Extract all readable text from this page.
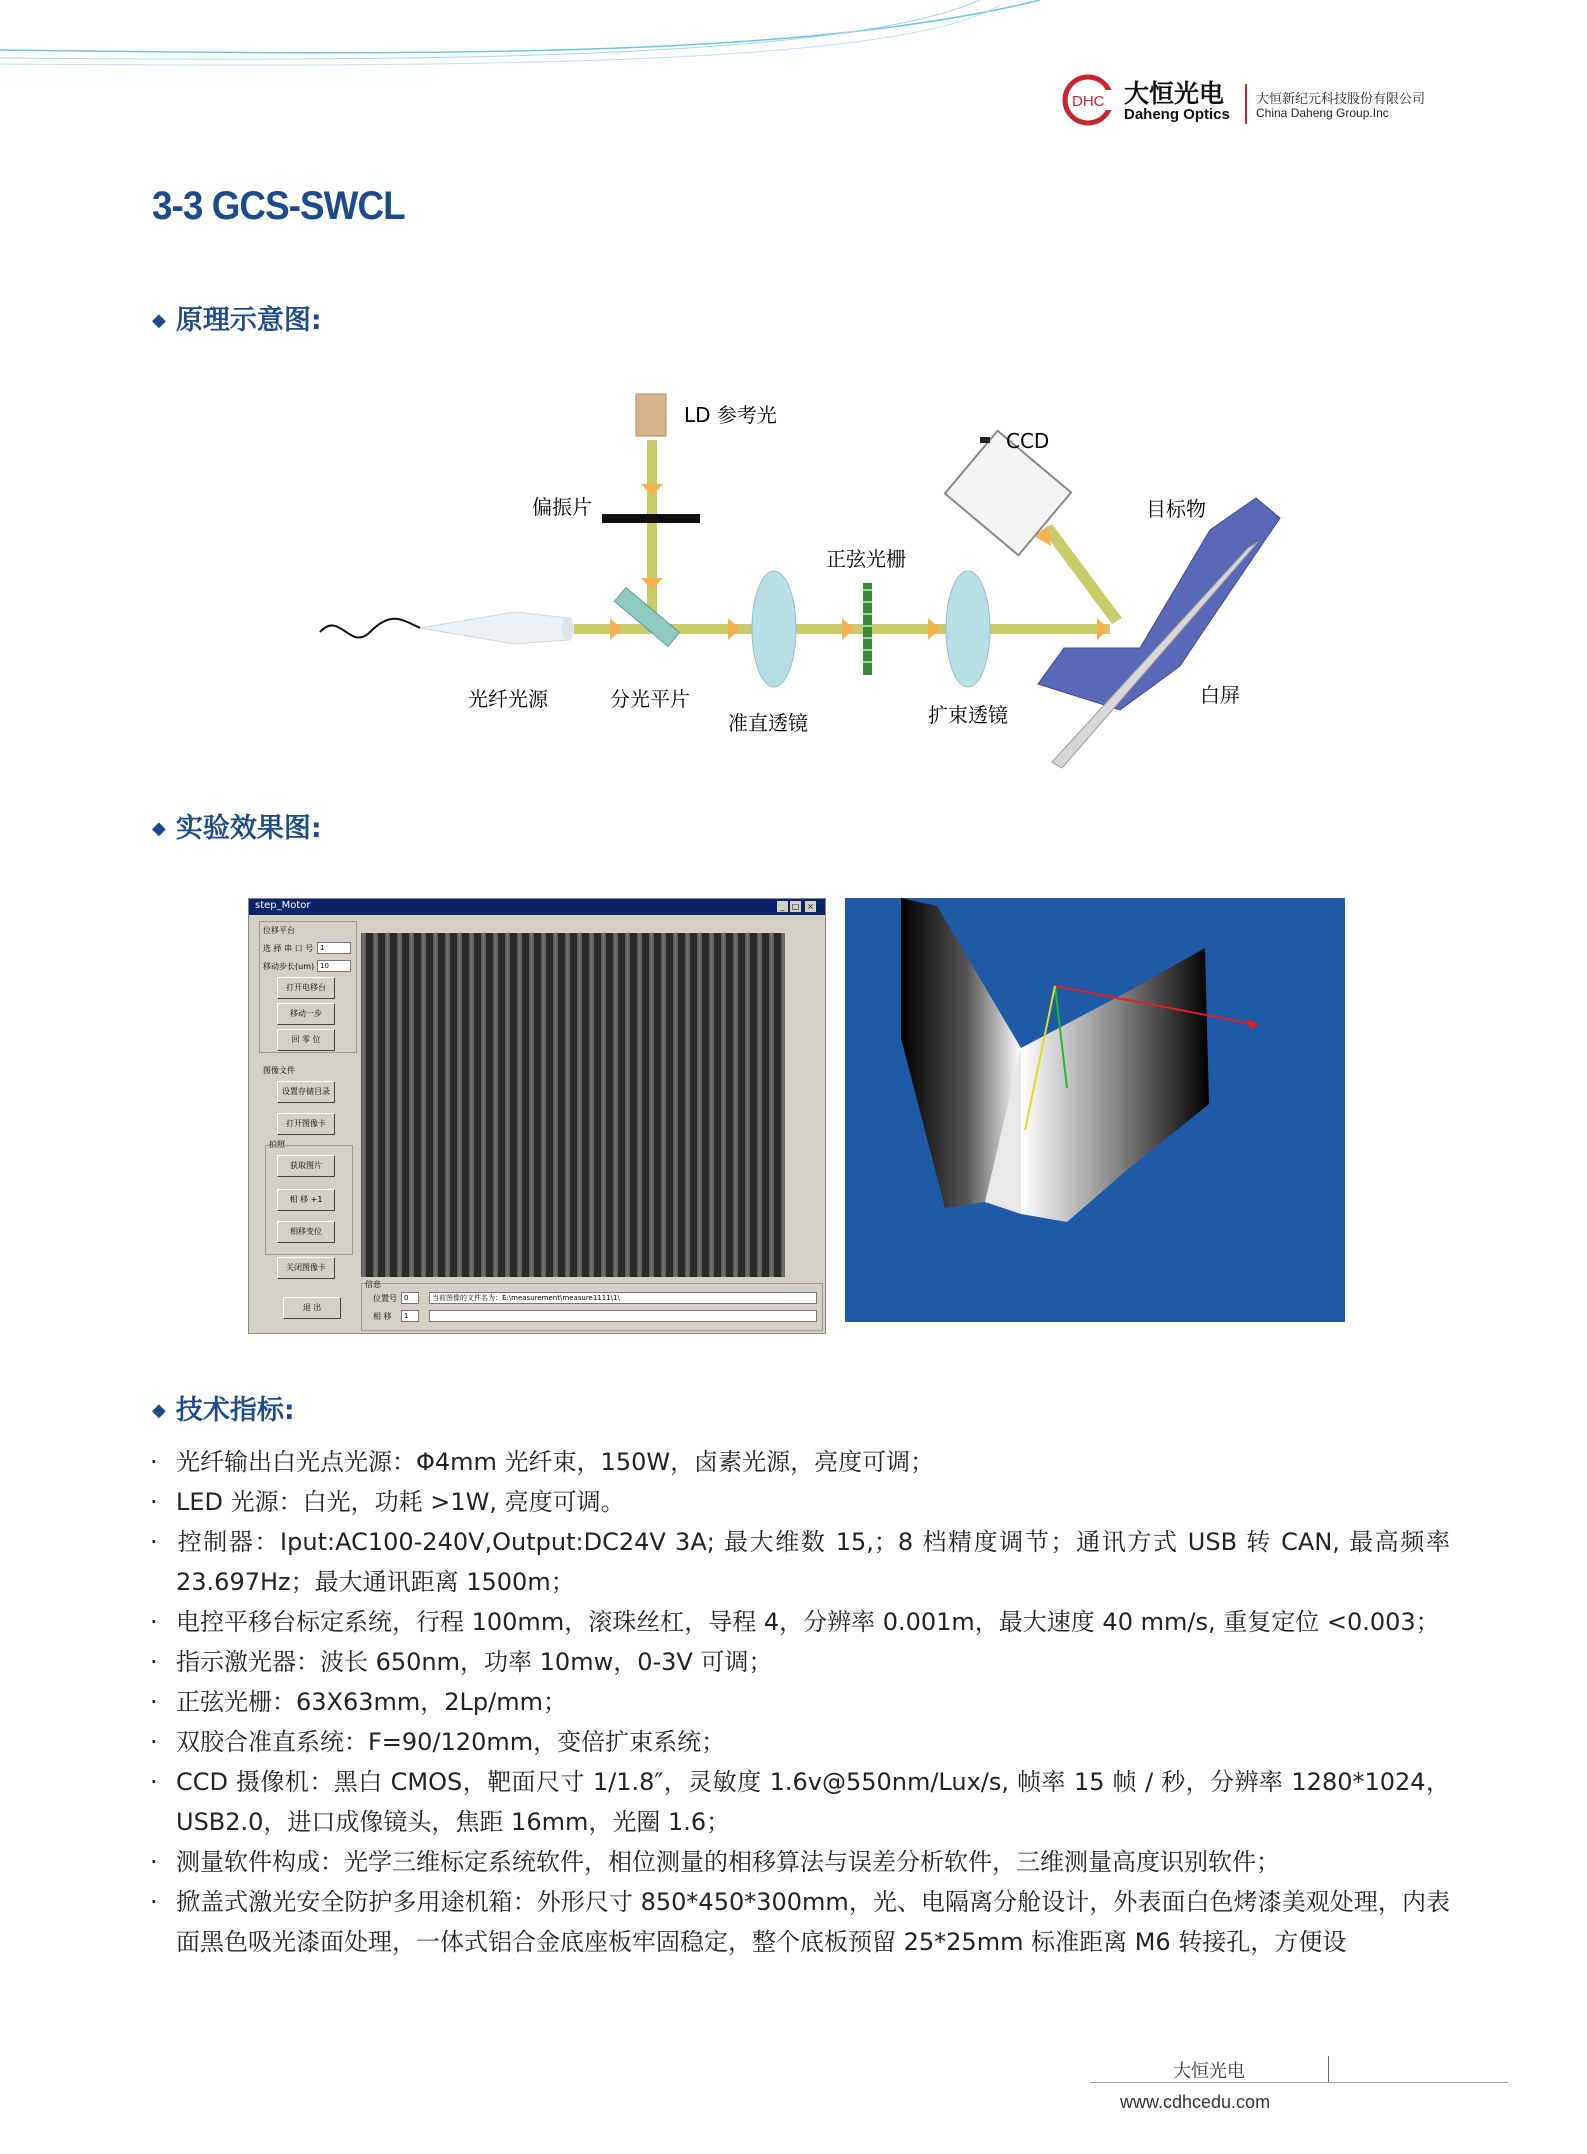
DHC 大恒光电
Daheng Optics
大恒新纪元科技股份有限公司
China Daheng Group.Inc
3-3 GCS-SWCL
◆ 原理示意图:
LD 参考光
偏振片
CCD
目标物
正弦光栅
光纤光源	分光平片
准直透镜	扩束透镜
白屏
◆ 实验效果图:
step_Motor	_ □ ×
位移平台
选 择 串 口 号 1
移动步长(um) 10
打开电移台
移动一步
回 零 位
图像文件
设置存储目录
打开图像卡
拍照
获取图片
相 移 +1
相移变位
关闭图像卡
退 出
信息
位置号	0
相 移	1
当前图像的文件名为：E:\measurement\measure1111\1\
◆ 技术指标:
· 光纤输出白光点光源：Φ4mm 光纤束，150W，卤素光源，亮度可调；
· LED 光源：白光，功耗 >1W, 亮度可调。
· 控制器：Iput:AC100-240V,Output:DC24V 3A; 最大维数 15,；8 档精度调节；通讯方式 USB 转 CAN, 最高频率 23.697Hz；最大通讯距离 1500m；
· 电控平移台标定系统，行程 100mm，滚珠丝杠，导程 4，分辨率 0.001m，最大速度 40 mm/s, 重复定位 <0.003；
· 指示激光器：波长 650nm，功率 10mw，0-3V 可调；
· 正弦光栅：63X63mm，2Lp/mm；
· 双胶合准直系统：F=90/120mm，变倍扩束系统；
· CCD 摄像机：黑白 CMOS，靶面尺寸 1/1.8″，灵敏度 1.6v@550nm/Lux/s, 帧率 15 帧 / 秒，分辨率 1280*1024，USB2.0，进口成像镜头，焦距 16mm，光圈 1.6；
· 测量软件构成：光学三维标定系统软件，相位测量的相移算法与误差分析软件，三维测量高度识别软件；
· 掀盖式激光安全防护多用途机箱：外形尺寸 850*450*300mm，光、电隔离分舱设计，外表面白色烤漆美观处理，内表面黑色吸光漆面处理，一体式铝合金底座板牢固稳定，整个底板预留 25*25mm 标准距离 M6 转接孔，方便设
大恒光电
www.cdhcedu.com
